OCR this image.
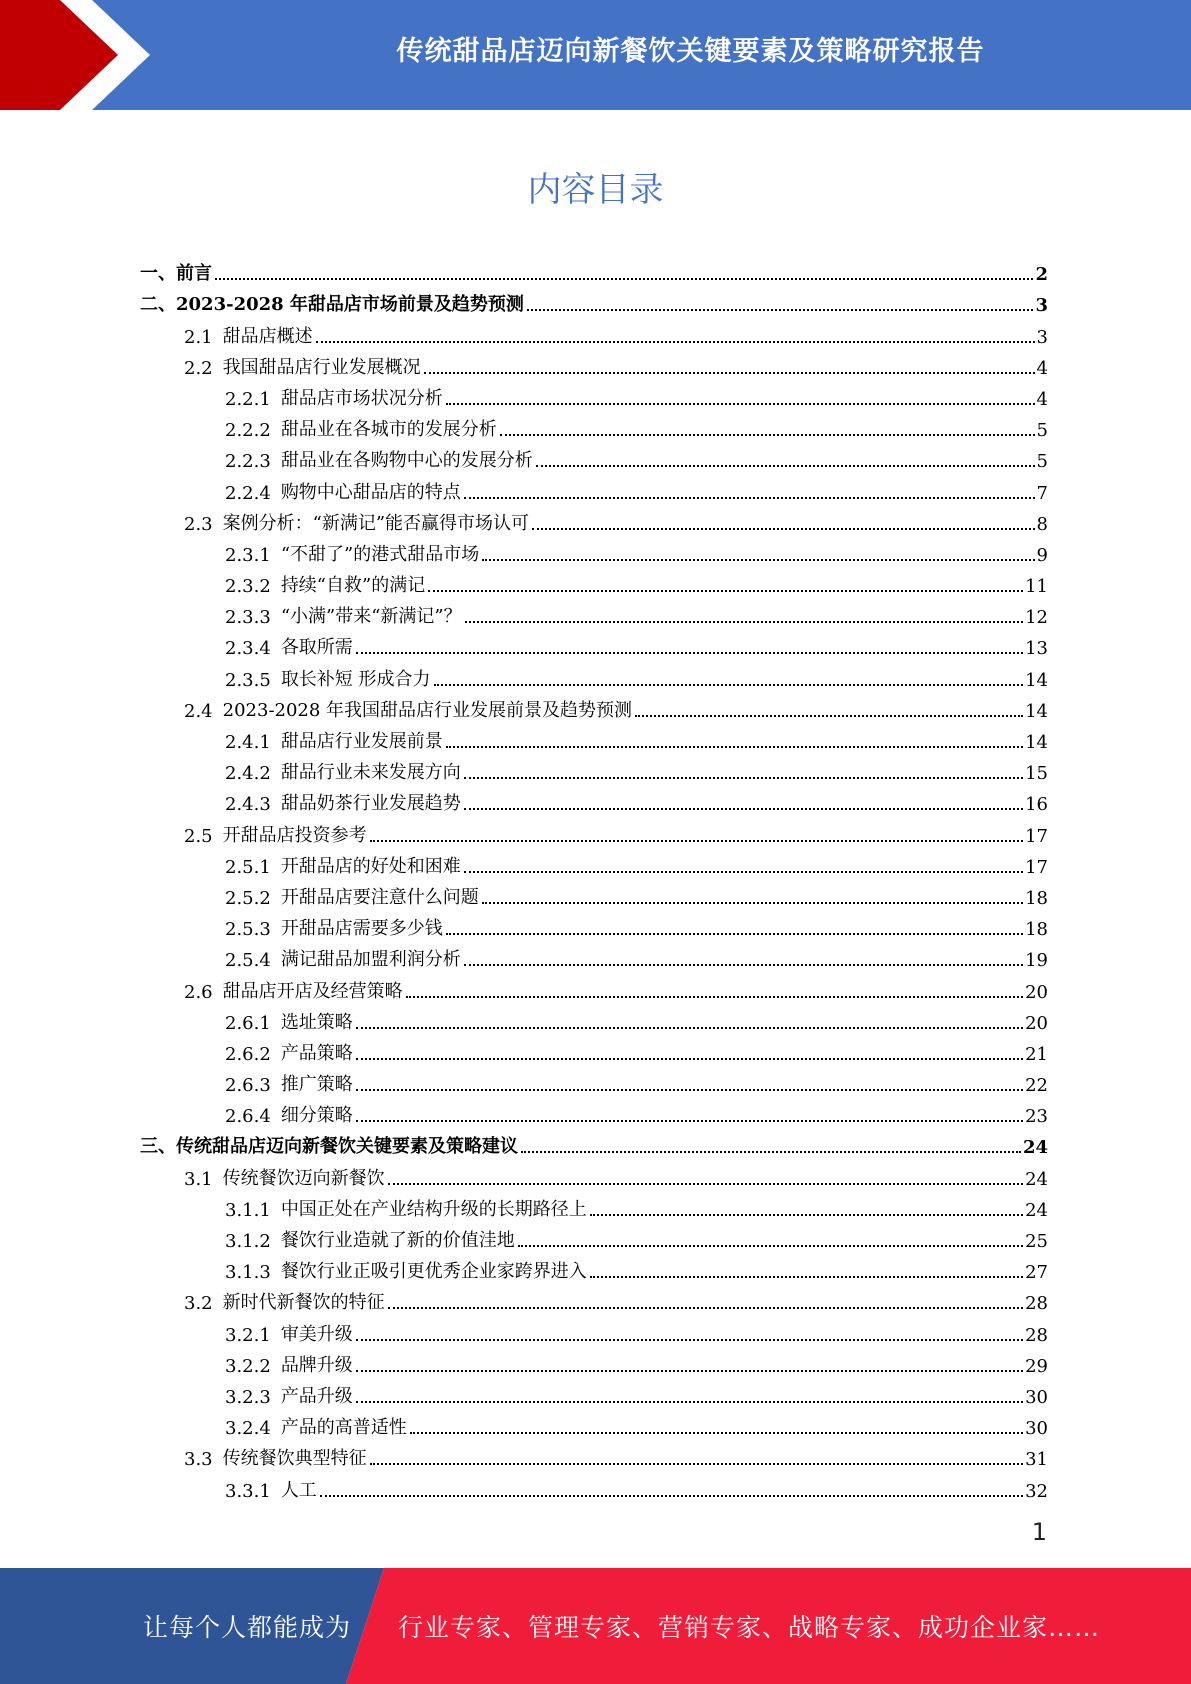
传统甜品店迈向新餐饮关键要素及策略研究报告
内容目录
一、 前言	2
二、 2023-2028 年甜品店市场前景及趋势预测	3
2.1 甜品店概述	3
2.2 我国甜品店行业发展概况	4
2.2.1 甜品店市场状况分析	4
2.2.2 甜品业在各城市的发展分析	5
2.2.3 甜品业在各购物中心的发展分析	5
2.2.4 购物中心甜品店的特点	7
2.3 案例分析：“新满记”能否赢得市场认可	8
2.3.1 “不甜了”的港式甜品市场	9
2.3.2 持续“自救”的满记	11
2.3.3 “小满”带来“新满记”？	12
2.3.4 各取所需	13
2.3.5 取长补短 形成合力	14
2.4 2023-2028 年我国甜品店行业发展前景及趋势预测	14
2.4.1 甜品店行业发展前景	14
2.4.2 甜品行业未来发展方向	15
2.4.3 甜品奶茶行业发展趋势	16
2.5 开甜品店投资参考	17
2.5.1 开甜品店的好处和困难	17
2.5.2 开甜品店要注意什么问题	18
2.5.3 开甜品店需要多少钱	18
2.5.4 满记甜品加盟利润分析	19
2.6 甜品店开店及经营策略	20
2.6.1 选址策略	20
2.6.2 产品策略	21
2.6.3 推广策略	22
2.6.4 细分策略	23
三、 传统甜品店迈向新餐饮关键要素及策略建议	24
3.1 传统餐饮迈向新餐饮	24
3.1.1 中国正处在产业结构升级的长期路径上	24
3.1.2 餐饮行业造就了新的价值洼地	25
3.1.3 餐饮行业正吸引更优秀企业家跨界进入	27
3.2 新时代新餐饮的特征	28
3.2.1 审美升级	28
3.2.2 品牌升级	29
3.2.3 产品升级	30
3.2.4 产品的高普适性	30
3.3 传统餐饮典型特征	31
3.3.1 人工	32
1
让每个人都能成为 行业专家、管理专家、营销专家、战略专家、成功企业家……
